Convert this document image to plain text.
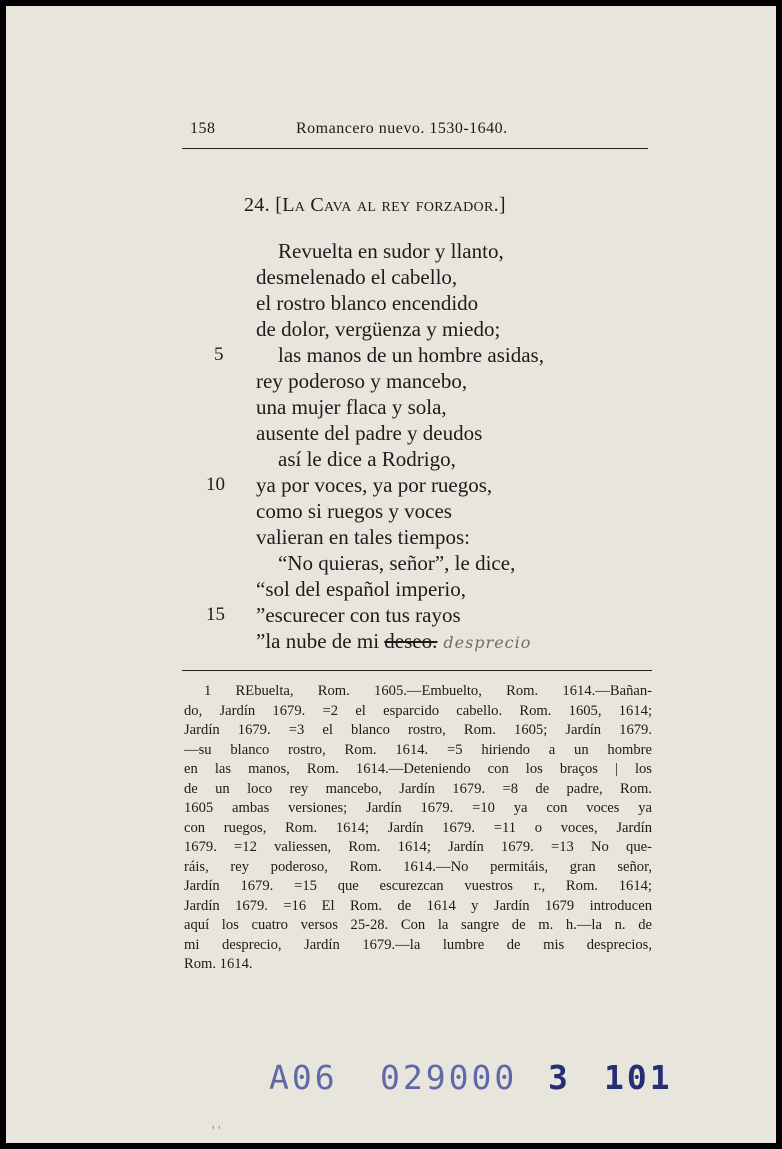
158	Romancero nuevo. 1530-1640.
24. [La Cava al rey forzador.]
Revuelta en sudor y llanto,
desmelenado el cabello,
el rostro blanco encendido
de dolor, vergüenza y miedo;
las manos de un hombre asidas,
rey poderoso y mancebo,
una mujer flaca y sola,
ausente del padre y deudos
así le dice a Rodrigo,
ya por voces, ya por ruegos,
como si ruegos y voces
valieran en tales tiempos:
“No quieras, señor”, le dice,
“sol del español imperio,
”escurecer con tus rayos
”la nube de mi deseo. desprecio
5
10
15
1 REbuelta, Rom. 1605.—Embuelto, Rom. 1614.—Bañan-
do, Jardín 1679. =2 el esparcido cabello. Rom. 1605, 1614;
Jardín 1679. =3 el blanco rostro, Rom. 1605; Jardín 1679.
—su blanco rostro, Rom. 1614. =5 hiriendo a un hombre
en las manos, Rom. 1614.—Deteniendo con los braços | los
de un loco rey mancebo, Jardín 1679. =8 de padre, Rom.
1605 ambas versiones; Jardín 1679. =10 ya con voces ya
con ruegos, Rom. 1614; Jardín 1679. =11 o voces, Jardín
1679. =12 valiessen, Rom. 1614; Jardín 1679. =13 No que-
ráis, rey poderoso, Rom. 1614.—No permitáis, gran señor,
Jardín 1679. =15 que escurezcan vuestros r., Rom. 1614;
Jardín 1679. =16 El Rom. de 1614 y Jardín 1679 introducen
aquí los cuatro versos 25-28. Con la sangre de m. h.—la n. de
mi desprecio, Jardín 1679.—la lumbre de mis desprecios,
Rom. 1614.
A06 029000 3 101
' '
